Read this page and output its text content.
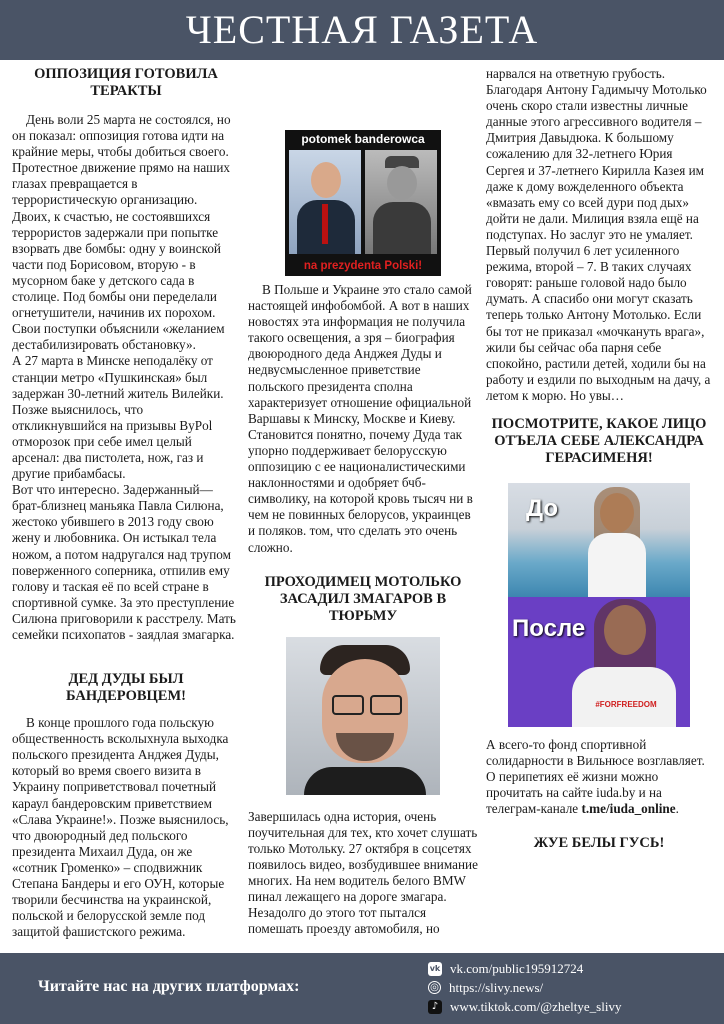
ЧЕСТНАЯ ГАЗЕТА
ОППОЗИЦИЯ ГОТОВИЛА ТЕРАКТЫ

День воли 25 марта не состоялся, но он показал: оппозиция готова идти на крайние меры, чтобы добиться своего. Протестное движение прямо на наших глазах превращается в террористическую организацию.

Двоих, к счастью, не состоявшихся террористов задержали при попытке взорвать две бомбы: одну у воинской части под Борисовом, вторую - в мусорном баке у детского сада в столице. Под бомбы они переделали огнетушители, начинив их порохом. Свои поступки объяснили «желанием дестабилизировать обстановку».

А 27 марта в Минске неподалёку от станции метро «Пушкинская» был задержан 30-летний житель Вилейки. Позже выяснилось, что откликнувшийся на призывы ByPol отморозок при себе имел целый арсенал: два пистолета, нож, газ и другие прибамбасы.

Вот что интересно. Задержанный—брат-близнец маньяка Павла Силюна, жестоко убившего в 2013 году свою жену и любовника. Он истыкал тела ножом, а потом надругался над трупом поверженного соперника, отпилив ему голову и таская её по всей стране в спортивной сумке. За это преступление Силюна приговорили к расстрелу. Мать семейки психопатов - заядлая змагарка.

ДЕД ДУДЫ БЫЛ БАНДЕРОВЦЕМ!

В конце прошлого года польскую общественность всколыхнула выходка польского президента Анджея Дуды, который во время своего визита в Украину поприветствовал почетный караул бандеровским приветствием «Слава Украине!». Позже выяснилось, что двоюродный дед польского президента Михаил Дуда, он же «сотник Громенко» – сподвижник Степана Бандеры и его ОУН, которые творили бесчинства на украинской, польской и белорусской земле под защитой фашистского режима.

potomek banderowca
na prezydenta Polski!

В Польше и Украине это стало самой настоящей инфобомбой. А вот в наших новостях эта информация не получила такого освещения, а зря – биография двоюродного деда Анджея Дуды и недвусмысленное приветствие польского президента сполна характеризует отношение официальной Варшавы к Минску, Москве и Киеву. Становится понятно, почему Дуда так упорно поддерживает белорусскую оппозицию с ее националистическими наклонностями и одобряет бчб-символику, на которой кровь тысяч ни в чем не повинных белорусов, украинцев и поляков. том, что сделать это очень сложно.

ПРОХОДИМЕЦ МОТОЛЬКО ЗАСАДИЛ ЗМАГАРОВ В ТЮРЬМУ

Завершилась одна история, очень поучительная для тех, кто хочет слушать только Мотольку. 27 октября в соцсетях появилось видео, возбудившее внимание многих. На нем водитель белого BMW пинал лежащего на дороге змагара. Незадолго до этого тот пытался помешать проезду автомобиля, но

нарвался на ответную грубость. Благодаря Антону Гадимычу Мотолько очень скоро стали известны личные данные этого агрессивного водителя – Дмитрия Давыдюка. К большому сожалению для 32-летнего Юрия Сергея и 37-летнего Кирилла Казея им даже к дому вожделенного объекта «вмазать ему со всей дури под дых» дойти не дали. Милиция взяла ещё на подступах. Но заслуг это не умаляет. Первый получил 6 лет усиленного режима, второй – 7. В таких случаях говорят: раньше головой надо было думать. А спасибо они могут сказать теперь только Антону Мотолько. Если бы тот не приказал «мочкануть врага», жили бы сейчас оба парня себе спокойно, растили детей, ходили бы на работу и ездили по выходным на дачу, а летом к морю. Но увы…

ПОСМОТРИТЕ, КАКОЕ ЛИЦО ОТЪЕЛА СЕБЕ АЛЕКСАНДРА ГЕРАСИМЕНЯ!
До
#FORFREEDOM
После

А всего-то фонд спортивной солидарности в Вильнюсе возглавляет. О перипетиях её жизни можно прочитать на сайте iuda.by и на телеграм-канале t.me/iuda_online.

ЖУЕ БЕЛЫ ГУСЬ!
Читайте нас на других платформах:
vk vk.com/public195912724
◎ https://slivy.news/
♪ www.tiktok.com/@zheltye_slivy
